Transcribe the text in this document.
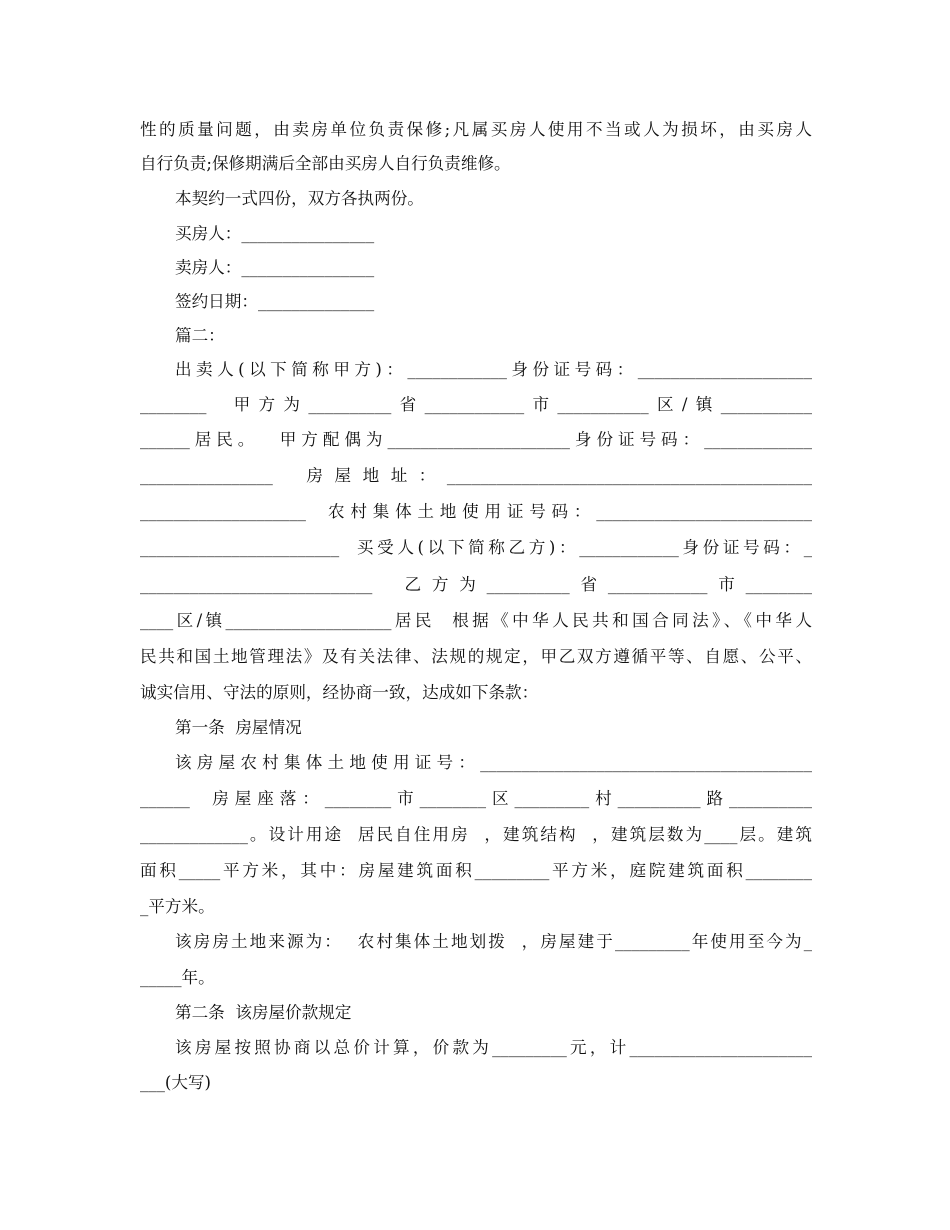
性的质量问题，由卖房单位负责保修;凡属买房人使用不当或人为损坏，由买房人
自行负责;保修期满后全部由买房人自行负责维修。
本契约一式四份，双方各执两份。
买房人：________________
卖房人：________________
签约日期：______________
篇二：
出卖人(以下简称甲方)：____________身份证号码：_____________________
________  甲方为__________省____________市___________区/镇___________
______居民。  甲方配偶为______________________身份证号码：_____________
________________  房屋地址：____________________________________________
____________________  农村集体土地使用证号码：__________________________
________________________  买受人(以下简称乙方)：____________身份证号码：_
____________________________  乙方为__________省____________市________
____区/镇____________________居民  根据《中华人民共和国合同法》、《中华人
民共和国土地管理法》及有关法律、法规的规定，甲乙双方遵循平等、自愿、公平、
诚实信用、守法的原则，经协商一致，达成如下条款：
第一条  房屋情况
该房屋农村集体土地使用证号：________________________________________
______  房屋座落：________市________区_________村__________路__________
_____________。设计用途  居民自住用房  ，建筑结构  ，建筑层数为____层。建筑
面积_____平方米，其中：房屋建筑面积_________平方米，庭院建筑面积________
_平方米。
该房房土地来源为：  农村集体土地划拨  ，房屋建于_________年使用至今为_
_____年。
第二条  该房屋价款规定
该房屋按照协商以总价计算，价款为_________元，计______________________
___(大写)
